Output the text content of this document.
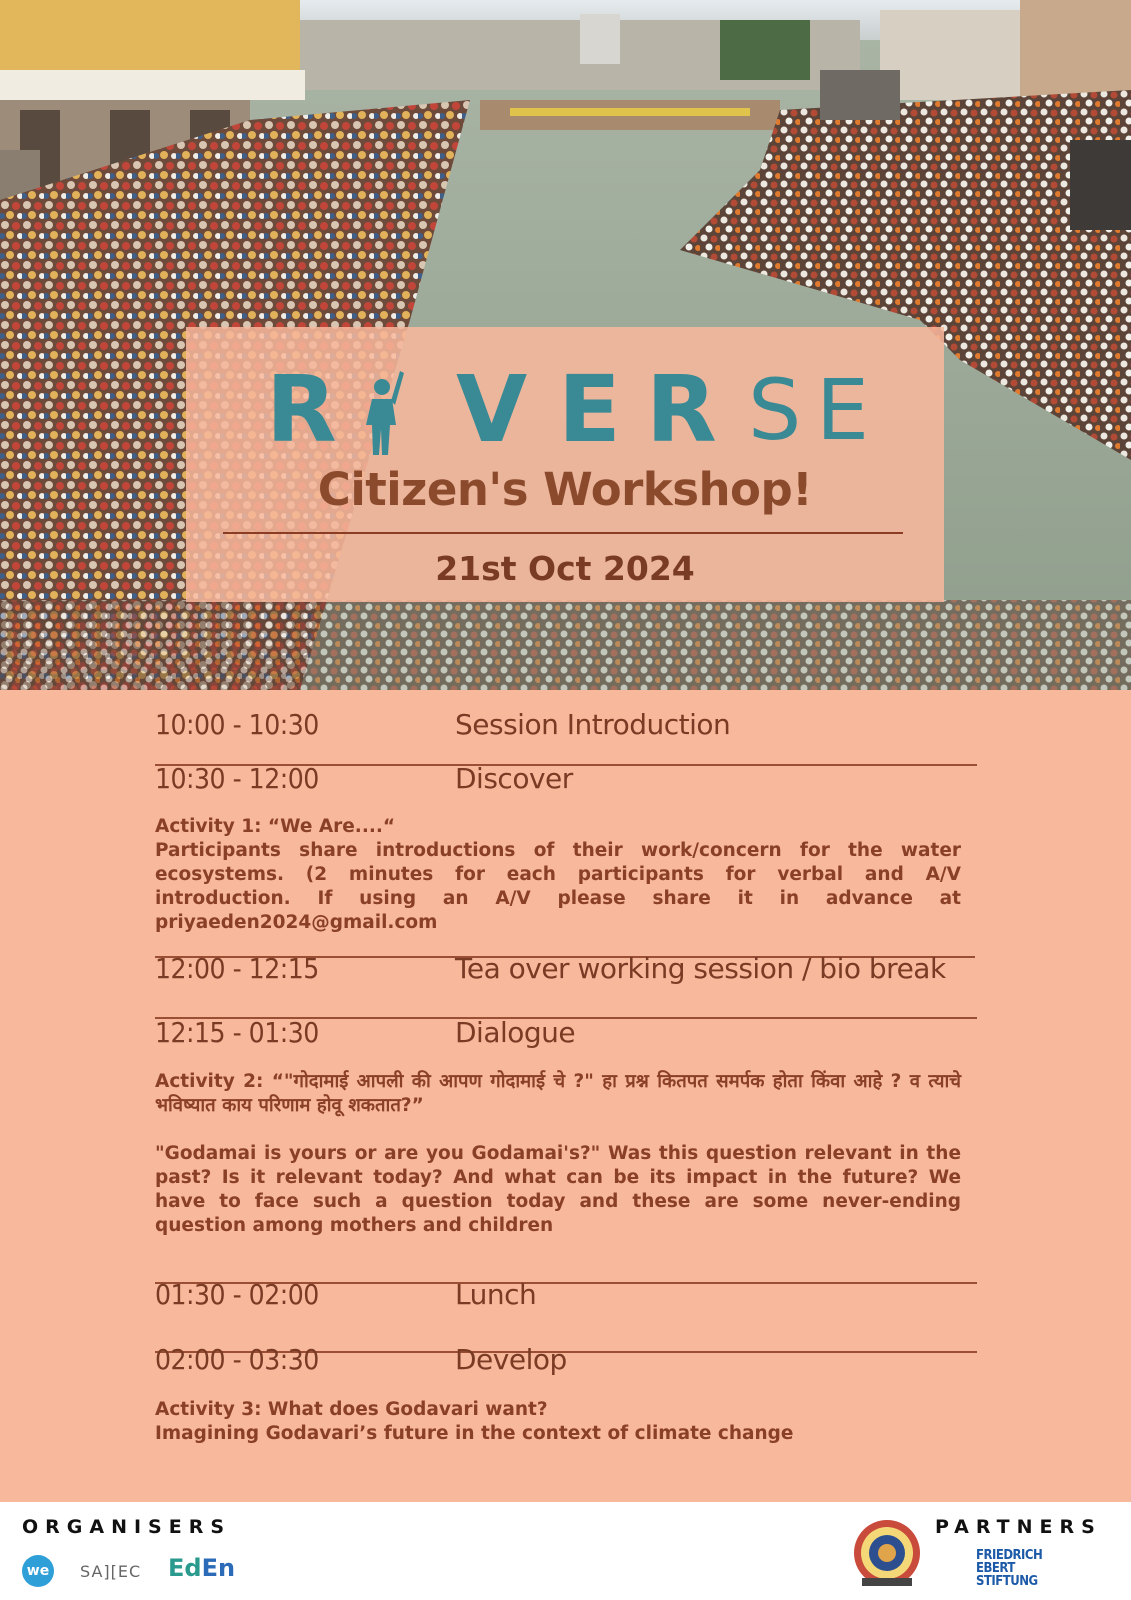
R V E R S E
Citizen's Workshop!
21st Oct 2024
10:00 - 10:30	Session Introduction
10:30 - 12:00	Discover

Activity 1: “We Are....“

Participants share introductions of their work/concern for the water ecosystems. (2 minutes for each participants for verbal and A/V introduction. If using an A/V please share it in advance at priyaeden2024@gmail.com

12:00 - 12:15	Tea over working session / bio break
12:15 - 01:30	Dialogue

Activity 2: “"गोदामाई आपली की आपण गोदामाई चे ?" हा प्रश्न कितपत समर्पक होता किंवा आहे ? व त्याचे भविष्यात काय परिणाम होवू शकतात?”

"Godamai is yours or are you Godamai's?" Was this question relevant in the past? Is it relevant today? And what can be its impact in the future? We have to face such a question today and these are some never-ending question among mothers and children

01:30 - 02:00	Lunch
02:00 - 03:30	Develop

Activity 3: What does Godavari want?

Imagining Godavari’s future in the context of climate change

ORGANISERS	PARTNERS
we SA][EC EdEn	FRIEDRICH
EBERT
STIFTUNG
